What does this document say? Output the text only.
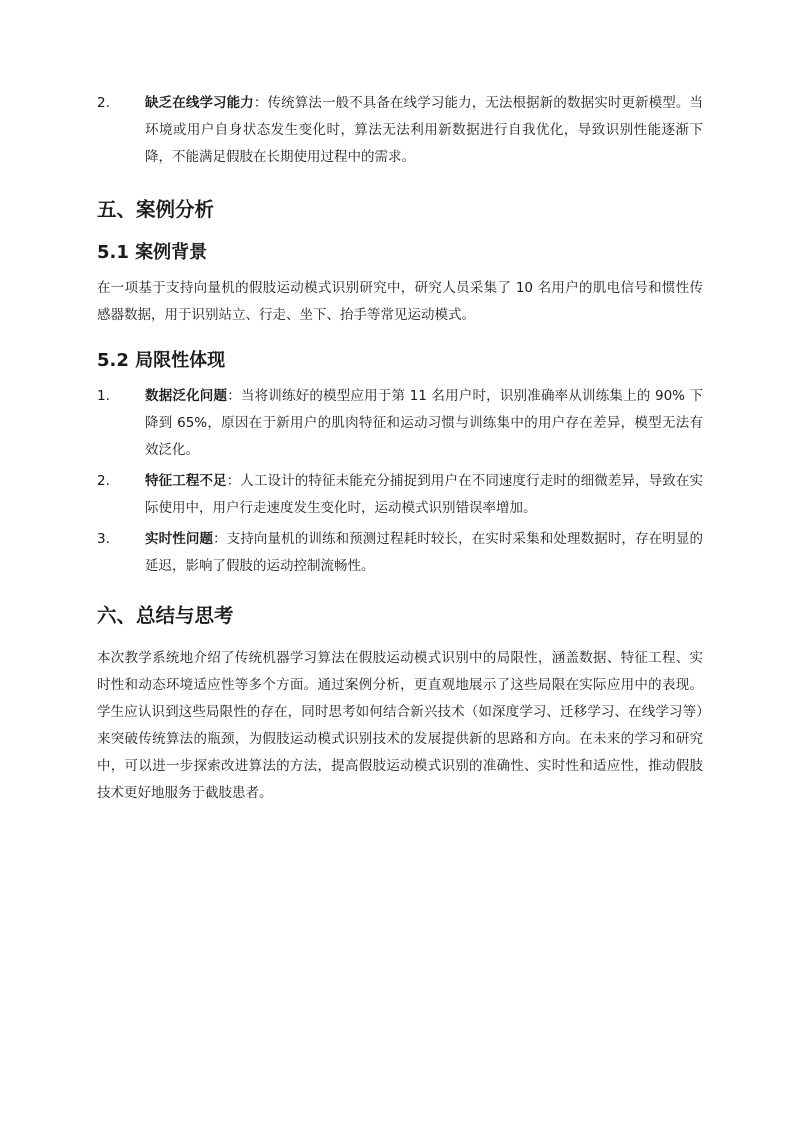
2.	缺乏在线学习能力：传统算法一般不具备在线学习能力，无法根据新的数据实时更新模型。当环境或用户自身状态发生变化时，算法无法利用新数据进行自我优化，导致识别性能逐渐下降，不能满足假肢在长期使用过程中的需求。
五、案例分析
5.1 案例背景

在一项基于支持向量机的假肢运动模式识别研究中，研究人员采集了 10 名用户的肌电信号和惯性传感器数据，用于识别站立、行走、坐下、抬手等常见运动模式。

5.2 局限性体现
1.	数据泛化问题：当将训练好的模型应用于第 11 名用户时，识别准确率从训练集上的 90% 下降到 65%，原因在于新用户的肌肉特征和运动习惯与训练集中的用户存在差异，模型无法有效泛化。
2.	特征工程不足：人工设计的特征未能充分捕捉到用户在不同速度行走时的细微差异，导致在实际使用中，用户行走速度发生变化时，运动模式识别错误率增加。
3.	实时性问题：支持向量机的训练和预测过程耗时较长，在实时采集和处理数据时，存在明显的延迟，影响了假肢的运动控制流畅性。
六、总结与思考

本次教学系统地介绍了传统机器学习算法在假肢运动模式识别中的局限性，涵盖数据、特征工程、实时性和动态环境适应性等多个方面。通过案例分析，更直观地展示了这些局限在实际应用中的表现。学生应认识到这些局限性的存在，同时思考如何结合新兴技术（如深度学习、迁移学习、在线学习等）来突破传统算法的瓶颈，为假肢运动模式识别技术的发展提供新的思路和方向。在未来的学习和研究中，可以进一步探索改进算法的方法，提高假肢运动模式识别的准确性、实时性和适应性，推动假肢技术更好地服务于截肢患者。
